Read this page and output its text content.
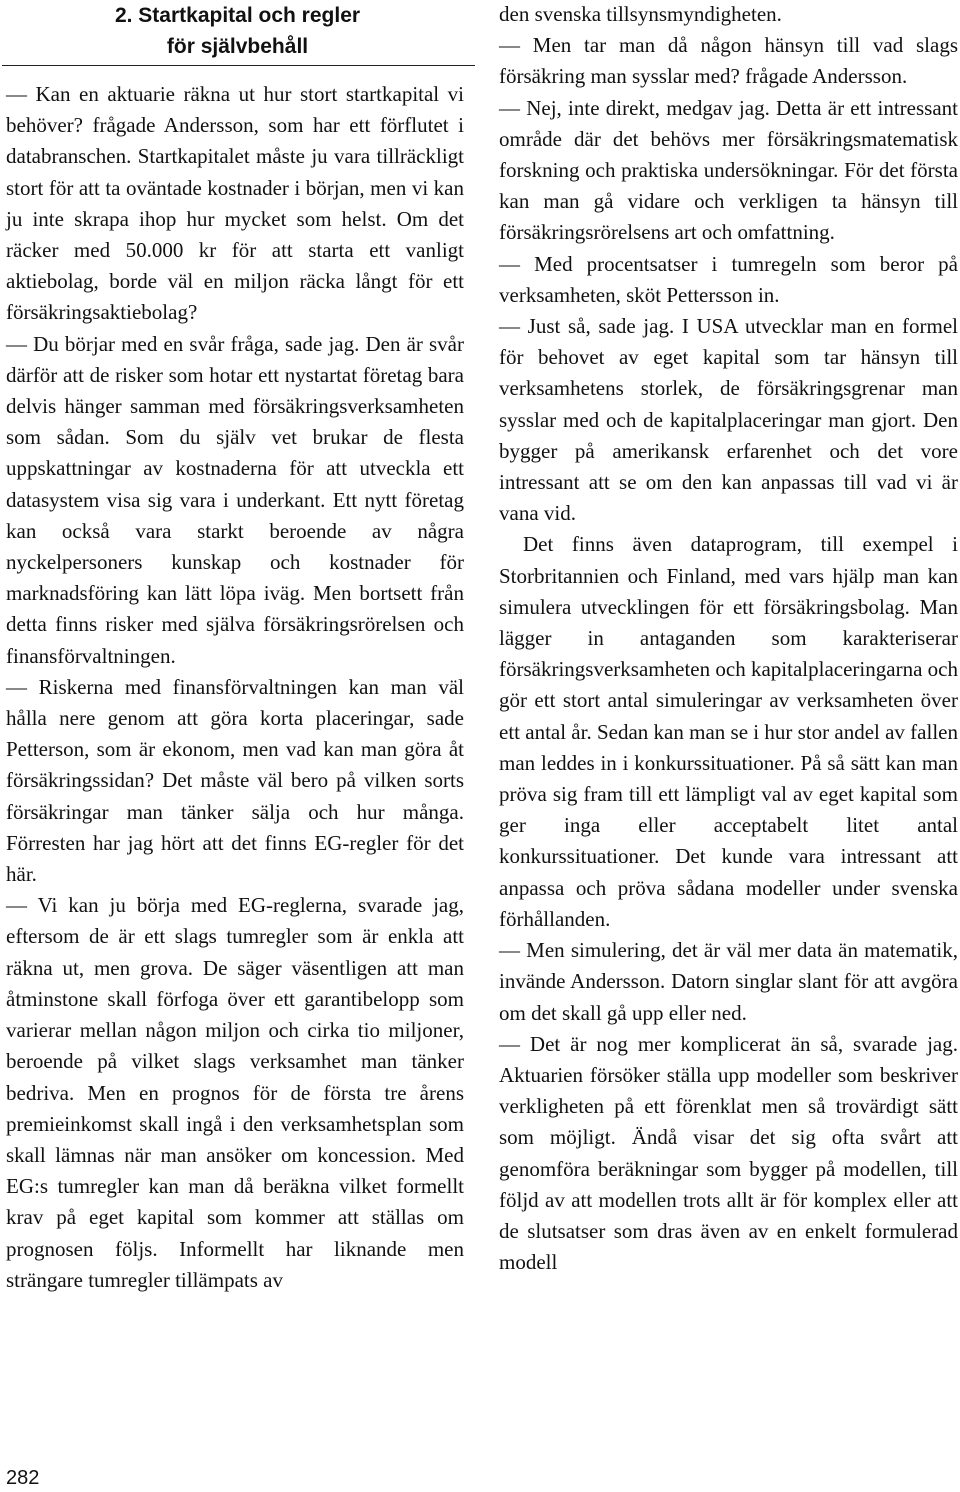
2. Startkapital och regler
för självbehåll

— Kan en aktuarie räkna ut hur stort startkapital vi behöver? frågade Andersson, som har ett förflutet i databranschen. Startkapitalet måste ju vara tillräckligt stort för att ta oväntade kostnader i början, men vi kan ju inte skrapa ihop hur mycket som helst. Om det räcker med 50.000 kr för att starta ett vanligt aktiebolag, borde väl en miljon räcka långt för ett försäkringsaktiebolag?

— Du börjar med en svår fråga, sade jag. Den är svår därför att de risker som hotar ett nystartat företag bara delvis hänger samman med försäkringsverksamheten som sådan. Som du själv vet brukar de flesta uppskattningar av kostnaderna för att utveckla ett datasystem visa sig vara i underkant. Ett nytt företag kan också vara starkt beroende av några nyckelpersoners kunskap och kostnader för marknadsföring kan lätt löpa iväg. Men bortsett från detta finns risker med själva försäkringsrörelsen och finansförvaltningen.

— Riskerna med finansförvaltningen kan man väl hålla nere genom att göra korta placeringar, sade Petterson, som är ekonom, men vad kan man göra åt försäkringssidan? Det måste väl bero på vilken sorts försäkringar man tänker sälja och hur många. Förresten har jag hört att det finns EG-regler för det här.

— Vi kan ju börja med EG-reglerna, svarade jag, eftersom de är ett slags tumregler som är enkla att räkna ut, men grova. De säger väsentligen att man åtminstone skall förfoga över ett garantibelopp som varierar mellan någon miljon och cirka tio miljoner, beroende på vilket slags verksamhet man tänker bedriva. Men en prognos för de första tre årens premieinkomst skall ingå i den verksamhetsplan som skall lämnas när man ansöker om koncession. Med EG:s tumregler kan man då beräkna vilket formellt krav på eget kapital som kommer att ställas om prognosen följs. Informellt har liknande men strängare tumregler tillämpats av

den svenska tillsynsmyndigheten.

— Men tar man då någon hänsyn till vad slags försäkring man sysslar med? frågade Andersson.

— Nej, inte direkt, medgav jag. Detta är ett intressant område där det behövs mer försäkringsmatematisk forskning och praktiska undersökningar. För det första kan man gå vidare och verkligen ta hänsyn till försäkringsrörelsens art och omfattning.

— Med procentsatser i tumregeln som beror på verksamheten, sköt Pettersson in.

— Just så, sade jag. I USA utvecklar man en formel för behovet av eget kapital som tar hänsyn till verksamhetens storlek, de försäkringsgrenar man sysslar med och de kapitalplaceringar man gjort. Den bygger på amerikansk erfarenhet och det vore intressant att se om den kan anpassas till vad vi är vana vid.

Det finns även dataprogram, till exempel i Storbritannien och Finland, med vars hjälp man kan simulera utvecklingen för ett försäkringsbolag. Man lägger in antaganden som karakteriserar försäkringsverksamheten och kapitalplaceringarna och gör ett stort antal simuleringar av verksamheten över ett antal år. Sedan kan man se i hur stor andel av fallen man leddes in i konkurssituationer. På så sätt kan man pröva sig fram till ett lämpligt val av eget kapital som ger inga eller acceptabelt litet antal konkurssituationer. Det kunde vara intressant att anpassa och pröva sådana modeller under svenska förhållanden.

— Men simulering, det är väl mer data än matematik, invände Andersson. Datorn singlar slant för att avgöra om det skall gå upp eller ned.

— Det är nog mer komplicerat än så, svarade jag. Aktuarien försöker ställa upp modeller som beskriver verkligheten på ett förenklat men så trovärdigt sätt som möjligt. Ändå visar det sig ofta svårt att genomföra beräkningar som bygger på modellen, till följd av att modellen trots allt är för komplex eller att de slutsatser som dras även av en enkelt formulerad modell

282
